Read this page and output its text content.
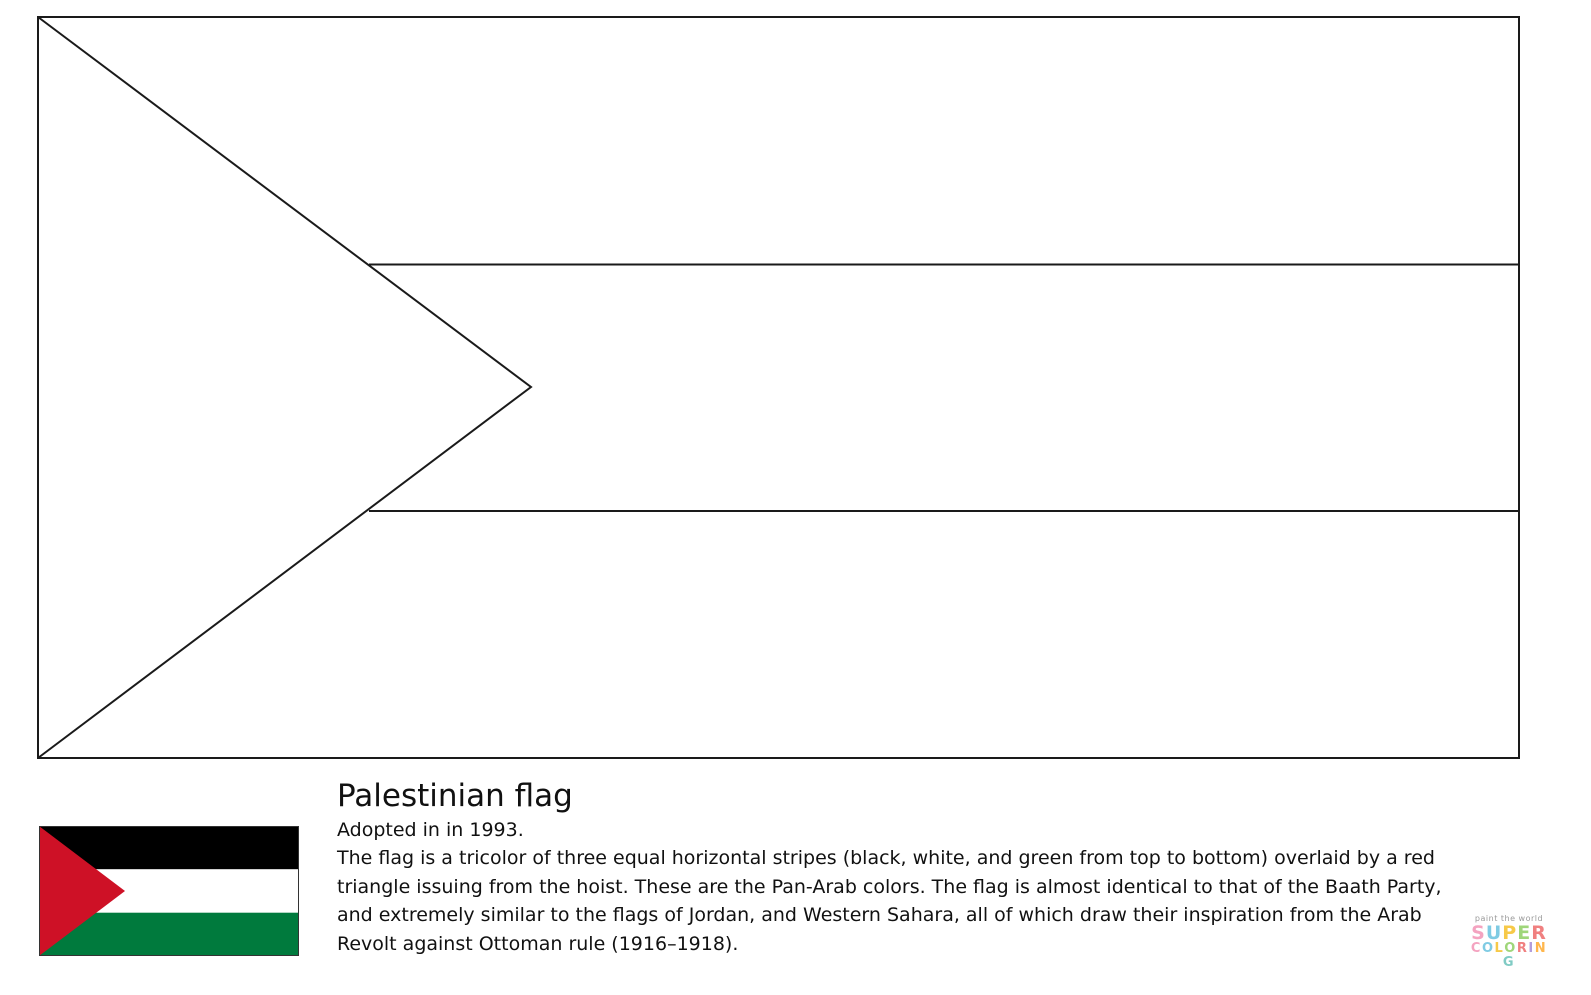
Palestinian flag

Adopted in in 1993.

The flag is a tricolor of three equal horizontal stripes (black, white, and green from top to bottom) overlaid by a red triangle issuing from the hoist. These are the Pan-Arab colors. The flag is almost identical to that of the Baath Party, and extremely similar to the flags of Jordan, and Western Sahara, all of which draw their inspiration from the Arab Revolt against Ottoman rule (1916–1918).

paint the world
SUPER
COLORING
